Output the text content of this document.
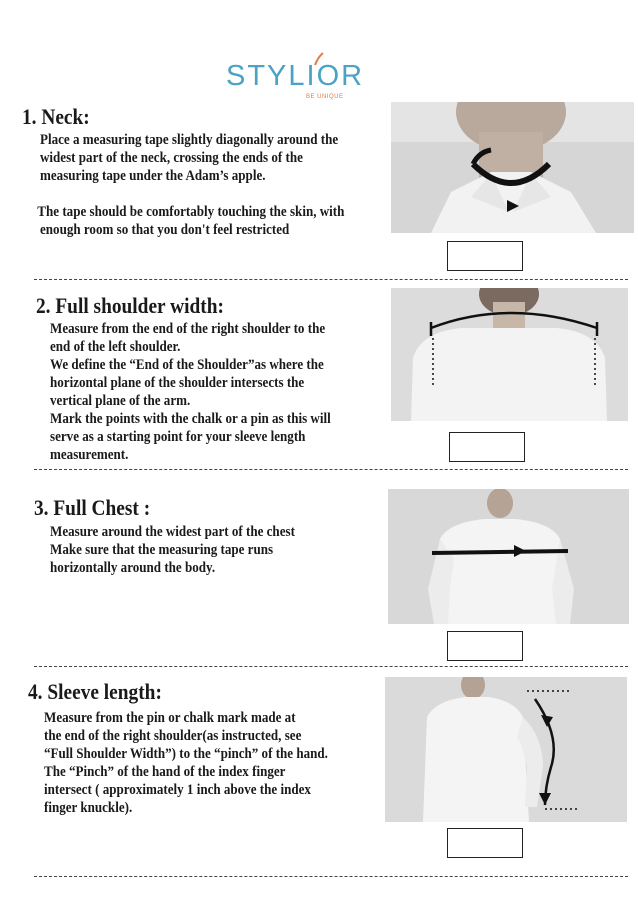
STYLIOR
BE UNIQUE
1. Neck:
Place a measuring tape slightly diagonally around the
widest part of the neck, crossing the ends of the
measuring tape under the Adam’s apple.
The tape should be comfortably touching the skin, with
enough room so that you don't feel restricted
2. Full shoulder width:
Measure from the end of the right shoulder to the
end of the left shoulder.
We define the “End of the Shoulder”as where the
horizontal plane of the shoulder intersects the
vertical plane of the arm.
Mark the points with the chalk or a pin as this will
serve as a starting point for your sleeve length
measurement.
3. Full Chest :
Measure around the widest part of the chest
Make sure that the measuring tape runs
horizontally around the body.
4. Sleeve length:
Measure from the pin or chalk mark made at
the end of the right shoulder(as instructed, see
“Full Shoulder Width”) to the “pinch” of the hand.
The “Pinch” of the hand of the index finger
intersect ( approximately 1 inch above the index
finger knuckle).
